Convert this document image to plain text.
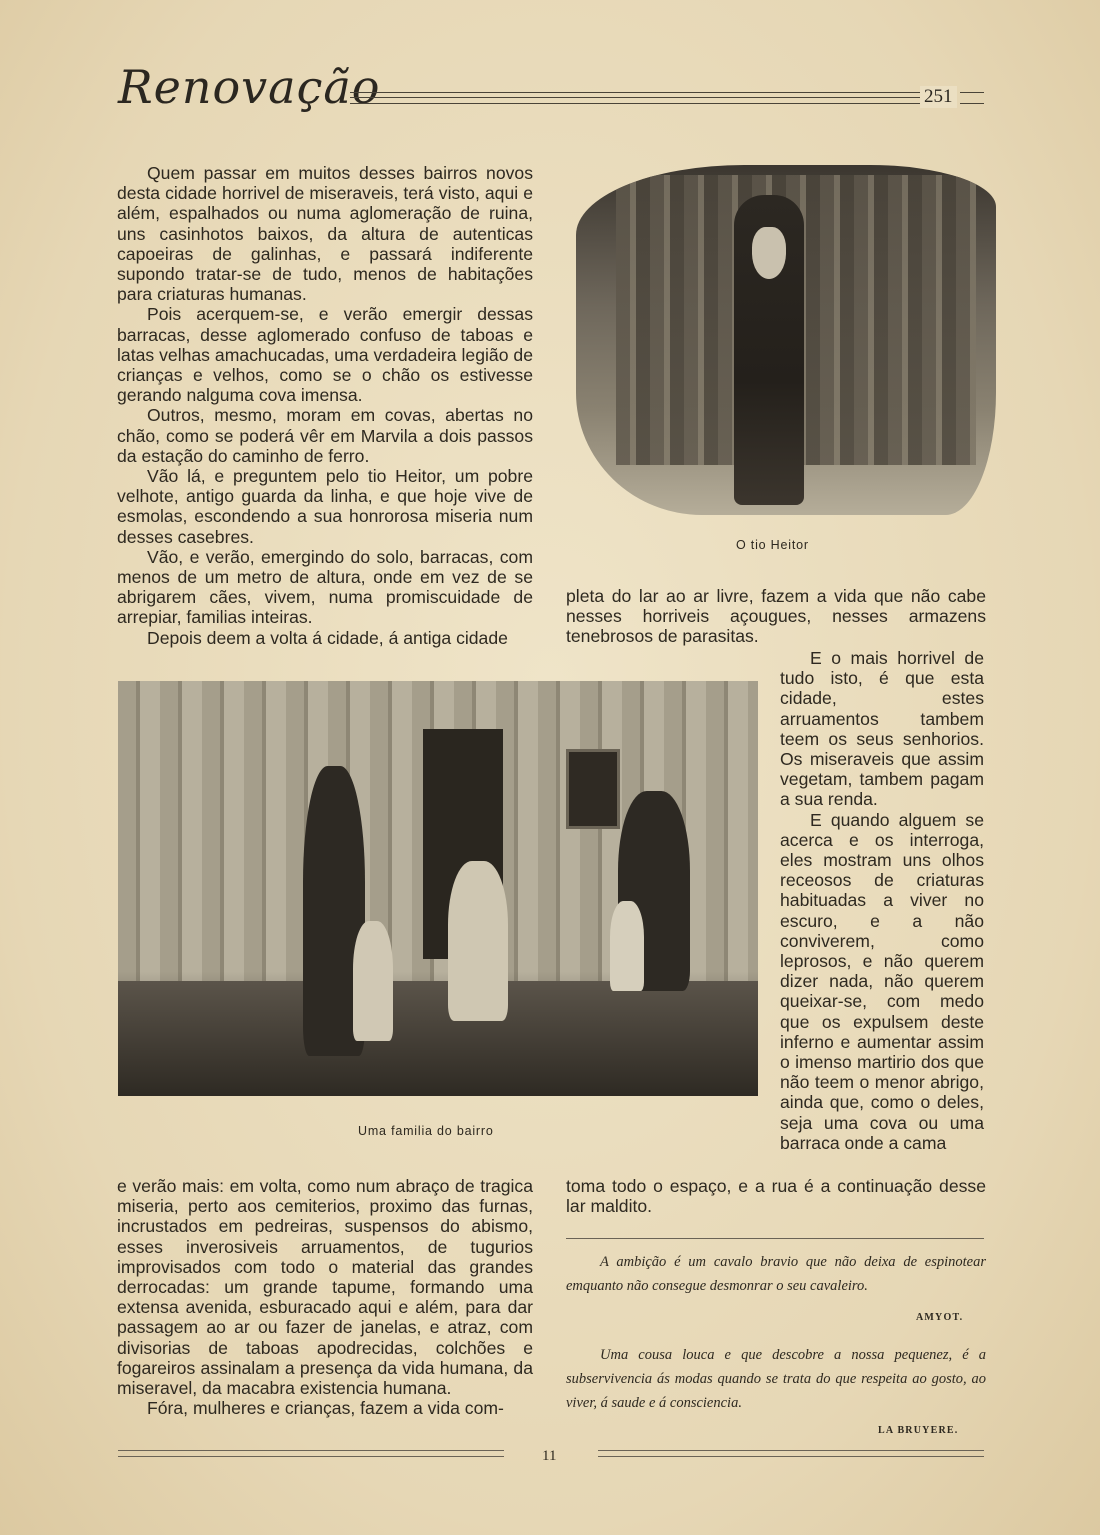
Renovação	251

Quem passar em muitos desses bairros novos desta cidade horrivel de miseraveis, terá visto, aqui e além, espalhados ou numa aglomeração de ruina, uns casinhotos baixos, da altura de autenticas capoeiras de galinhas, e passará indiferente supondo tratar-se de tudo, menos de habitações para criaturas humanas.

Pois acerquem-se, e verão emergir dessas barracas, desse aglomerado confuso de taboas e latas velhas amachucadas, uma verdadeira legião de crianças e velhos, como se o chão os estivesse gerando nalguma cova imensa.

Outros, mesmo, moram em covas, abertas no chão, como se poderá vêr em Marvila a dois passos da estação do caminho de ferro.

Vão lá, e preguntem pelo tio Heitor, um pobre velhote, antigo guarda da linha, e que hoje vive de esmolas, escondendo a sua honrorosa miseria num desses casebres.

Vão, e verão, emergindo do solo, barracas, com menos de um metro de altura, onde em vez de se abrigarem cães, vivem, numa promiscuidade de arrepiar, familias inteiras.

Depois deem a volta á cidade, á antiga cidade

O tio Heitor

pleta do lar ao ar livre, fazem a vida que não cabe nesses horriveis açougues, nesses armazens tenebrosos de parasitas.

Uma familia do bairro

E o mais horrivel de tudo isto, é que esta cidade, estes arruamentos tambem teem os seus senhorios. Os miseraveis que assim vegetam, tambem pagam a sua renda.

E quando alguem se acerca e os interroga, eles mostram uns olhos receosos de criaturas habituadas a viver no escuro, e a não conviverem, como leprosos, e não querem dizer nada, não querem queixar-se, com medo que os expulsem deste inferno e aumentar assim o imenso martirio dos que não teem o menor abrigo, ainda que, como o deles, seja uma cova ou uma barraca onde a cama

toma todo o espaço, e a rua é a continuação desse lar maldito.

e verão mais: em volta, como num abraço de tragica miseria, perto aos cemiterios, proximo das furnas, incrustados em pedreiras, suspensos do abismo, esses inverosiveis arruamentos, de tugurios improvisados com todo o material das grandes derrocadas: um grande tapume, formando uma extensa avenida, esburacado aqui e além, para dar passagem ao ar ou fazer de janelas, e atraz, com divisorias de taboas apodrecidas, colchões e fogareiros assinalam a presença da vida humana, da miseravel, da macabra existencia humana.

Fóra, mulheres e crianças, fazem a vida com-

A ambição é um cavalo bravio que não deixa de espinotear emquanto não consegue desmonrar o seu cavaleiro.

AMYOT.

Uma cousa louca e que descobre a nossa pequenez, é a subservivencia ás modas quando se trata do que respeita ao gosto, ao viver, á saude e á consciencia.

LA BRUYERE.
11
